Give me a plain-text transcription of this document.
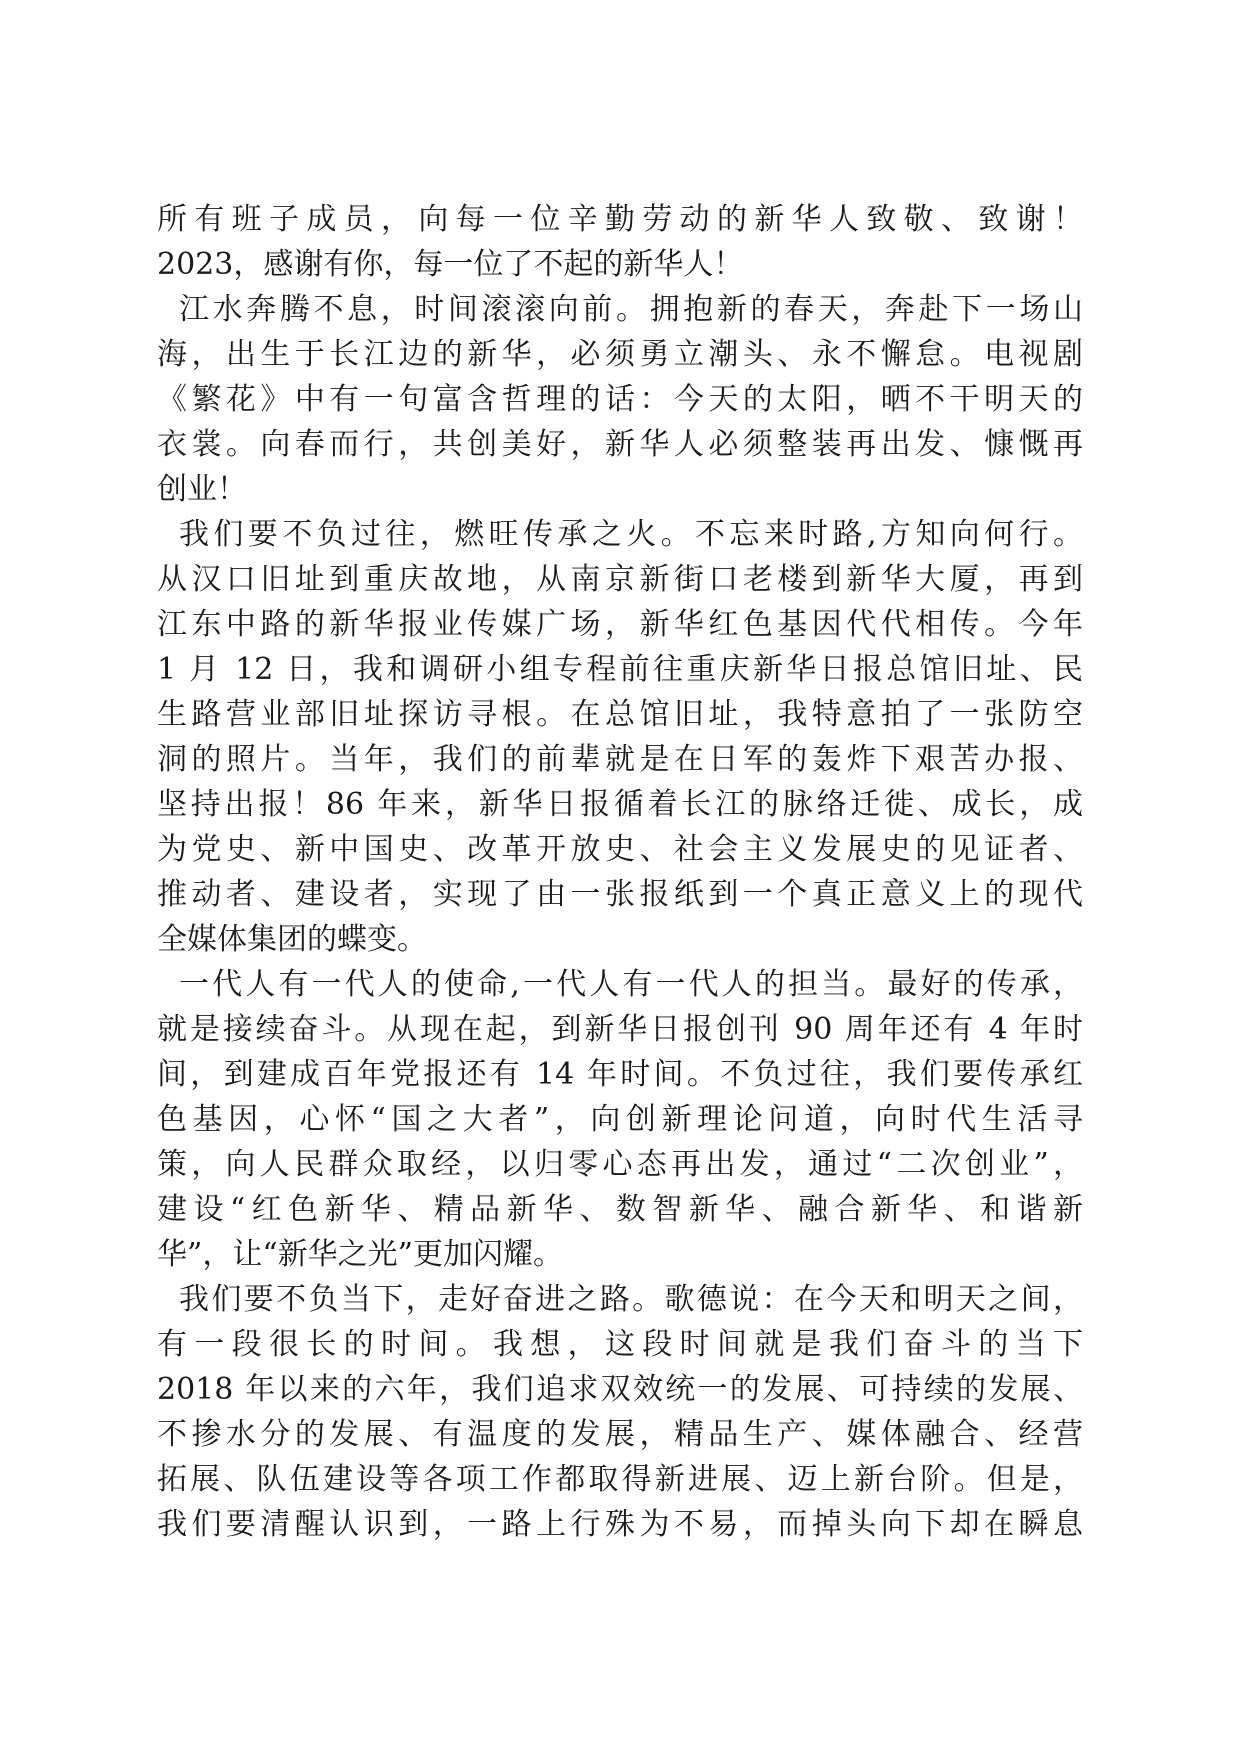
所有班子成员，向每一位辛勤劳动的新华人致敬、致谢！
2023，感谢有你，每一位了不起的新华人！
江水奔腾不息，时间滚滚向前。拥抱新的春天，奔赴下一场山
海，出生于长江边的新华，必须勇立潮头、永不懈怠。电视剧
《繁花》中有一句富含哲理的话：今天的太阳，晒不干明天的
衣裳。向春而行，共创美好，新华人必须整装再出发、慷慨再
创业！
我们要不负过往，燃旺传承之火。不忘来时路,方知向何行。
从汉口旧址到重庆故地，从南京新街口老楼到新华大厦，再到
江东中路的新华报业传媒广场，新华红色基因代代相传。今年
1 月 12 日，我和调研小组专程前往重庆新华日报总馆旧址、民
生路营业部旧址探访寻根。在总馆旧址，我特意拍了一张防空
洞的照片。当年，我们的前辈就是在日军的轰炸下艰苦办报、
坚持出报！86 年来，新华日报循着长江的脉络迁徙、成长，成
为党史、新中国史、改革开放史、社会主义发展史的见证者、
推动者、建设者，实现了由一张报纸到一个真正意义上的现代
全媒体集团的蝶变。
一代人有一代人的使命,一代人有一代人的担当。最好的传承，
就是接续奋斗。从现在起，到新华日报创刊 90 周年还有 4 年时
间，到建成百年党报还有 14 年时间。不负过往，我们要传承红
色基因，心怀“国之大者”，向创新理论问道，向时代生活寻
策，向人民群众取经，以归零心态再出发，通过“二次创业”，
建设“红色新华、精品新华、数智新华、融合新华、和谐新
华”，让“新华之光”更加闪耀。
我们要不负当下，走好奋进之路。歌德说：在今天和明天之间，
有一段很长的时间。我想，这段时间就是我们奋斗的当下
2018 年以来的六年，我们追求双效统一的发展、可持续的发展、
不掺水分的发展、有温度的发展，精品生产、媒体融合、经营
拓展、队伍建设等各项工作都取得新进展、迈上新台阶。但是，
我们要清醒认识到，一路上行殊为不易，而掉头向下却在瞬息
